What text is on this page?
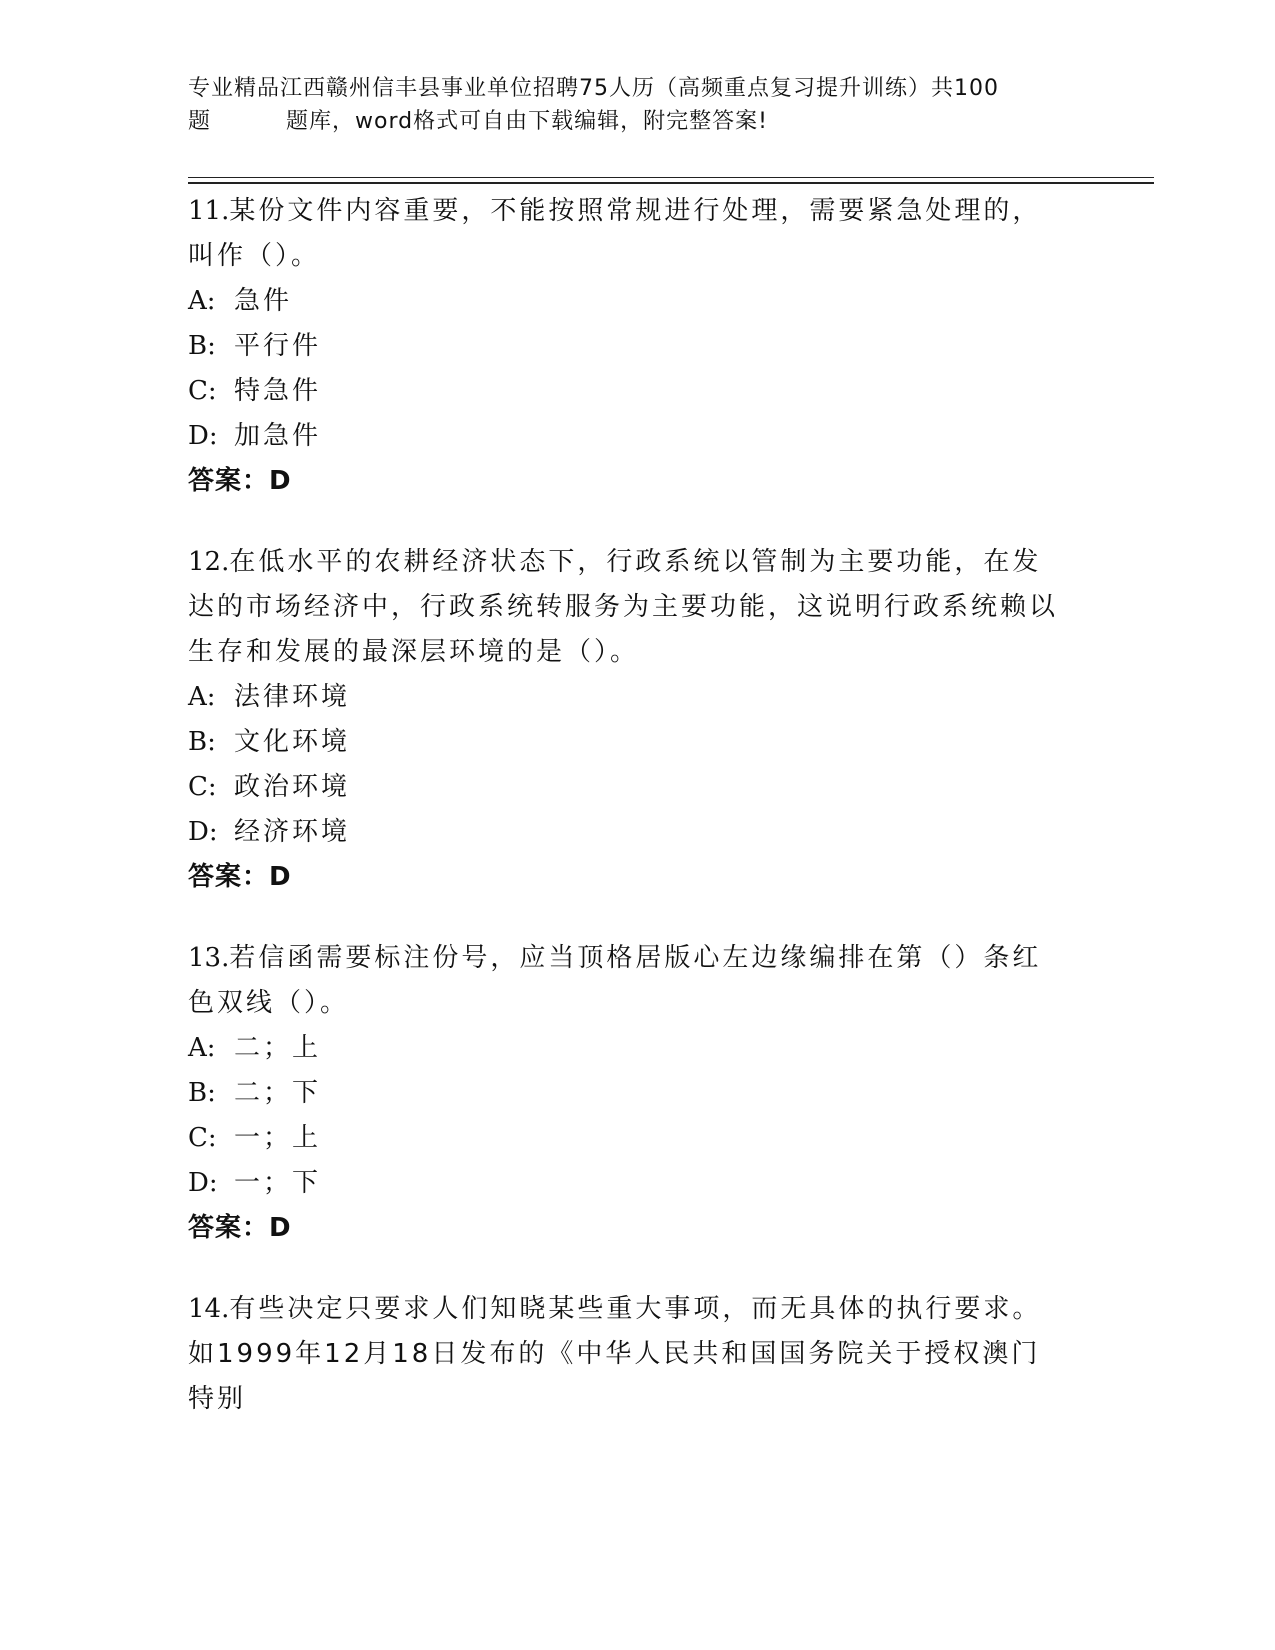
专业精品江西赣州信丰县事业单位招聘75人历（高频重点复习提升训练）共100
题	题库，word格式可自由下载编辑，附完整答案!
11.某份文件内容重要，不能按照常规进行处理，需要紧急处理的，叫作（）。
A: 急件
B: 平行件
C: 特急件
D: 加急件
答案：D
12.在低水平的农耕经济状态下，行政系统以管制为主要功能，在发达的市场经济中，行政系统转服务为主要功能，这说明行政系统赖以生存和发展的最深层环境的是（）。
A: 法律环境
B: 文化环境
C: 政治环境
D: 经济环境
答案：D
13.若信函需要标注份号，应当顶格居版心左边缘编排在第（）条红色双线（）。
A: 二；上
B: 二；下
C: 一；上
D: 一；下
答案：D
14.有些决定只要求人们知晓某些重大事项，而无具体的执行要求。如1999年12月18日发布的《中华人民共和国国务院关于授权澳门特别
